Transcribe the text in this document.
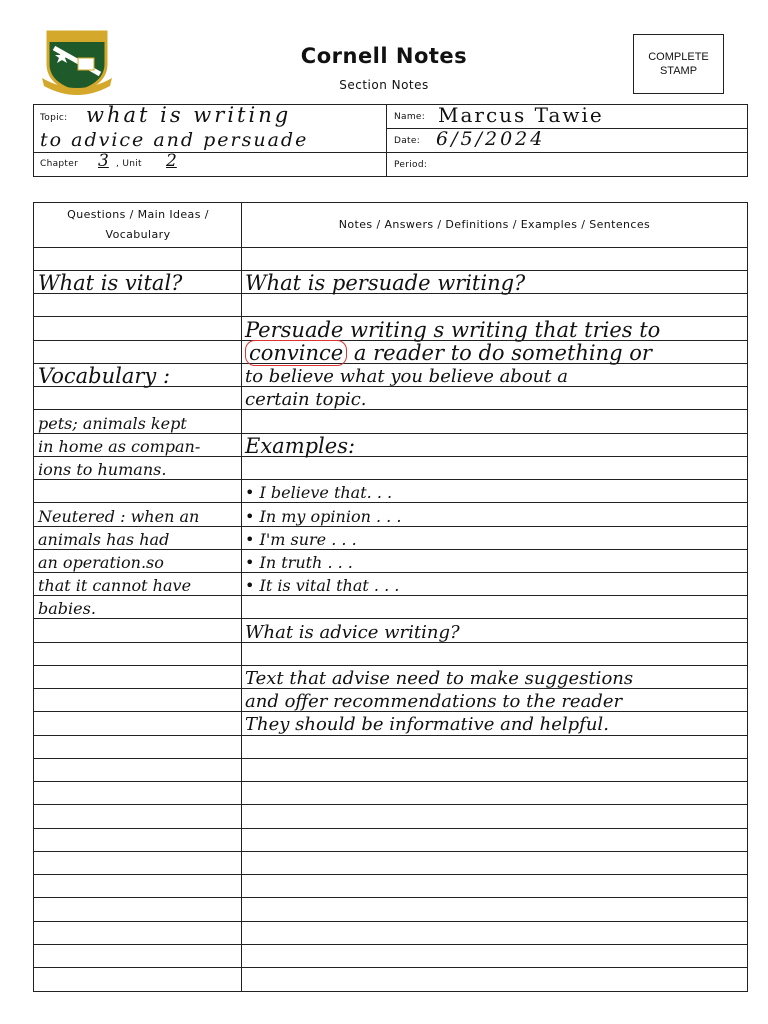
Cornell Notes
Section Notes
COMPLETE
STAMP
Topic: what is writing
to advice and persuade
Chapter 3 , Unit 2
Name: Marcus Tawie
Date: 6/5/2024
Period:
Questions / Main Ideas / Vocabulary
Notes / Answers / Definitions / Examples / Sentences
What is vital?
Vocabulary :
pets; animals kept
in home as compan-
ions to humans.
Neutered : when an
animals has had
an operation.so
that it cannot have
babies.
What is persuade writing?
Persuade writing s writing that tries to
convince a reader to do something or
to believe what you believe about a
certain topic.
Examples:
• I believe that. . .
• In my opinion . . .
• I'm sure . . .
• In truth . . .
• It is vital that . . .
What is advice writing?
Text that advise need to make suggestions
and offer recommendations to the reader
They should be informative and helpful.
